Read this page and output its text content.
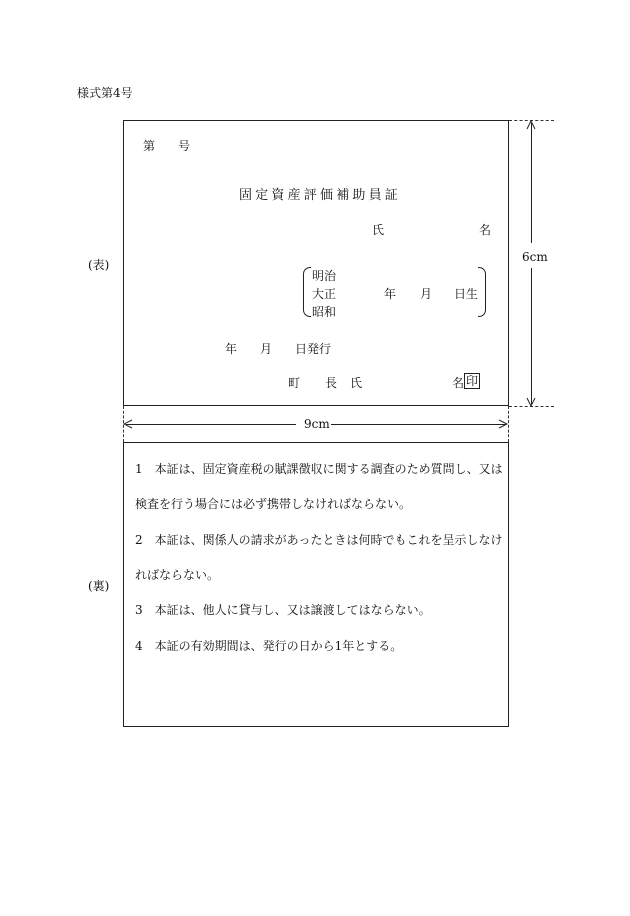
様式第4号
(表)
(裏)
第 号
固定資産評価補助員証
氏	名
明治
大正
昭和
年 月 日生
年 月 日発行
町 長 氏	名 印
6cm
9cm
1　本証は、固定資産税の賦課徴収に関する調査のため質問し、又は
検査を行う場合には必ず携帯しなければならない。
2　本証は、関係人の請求があったときは何時でもこれを呈示しなけ
ればならない。
3　本証は、他人に貸与し、又は譲渡してはならない。
4　本証の有効期間は、発行の日から1年とする。
